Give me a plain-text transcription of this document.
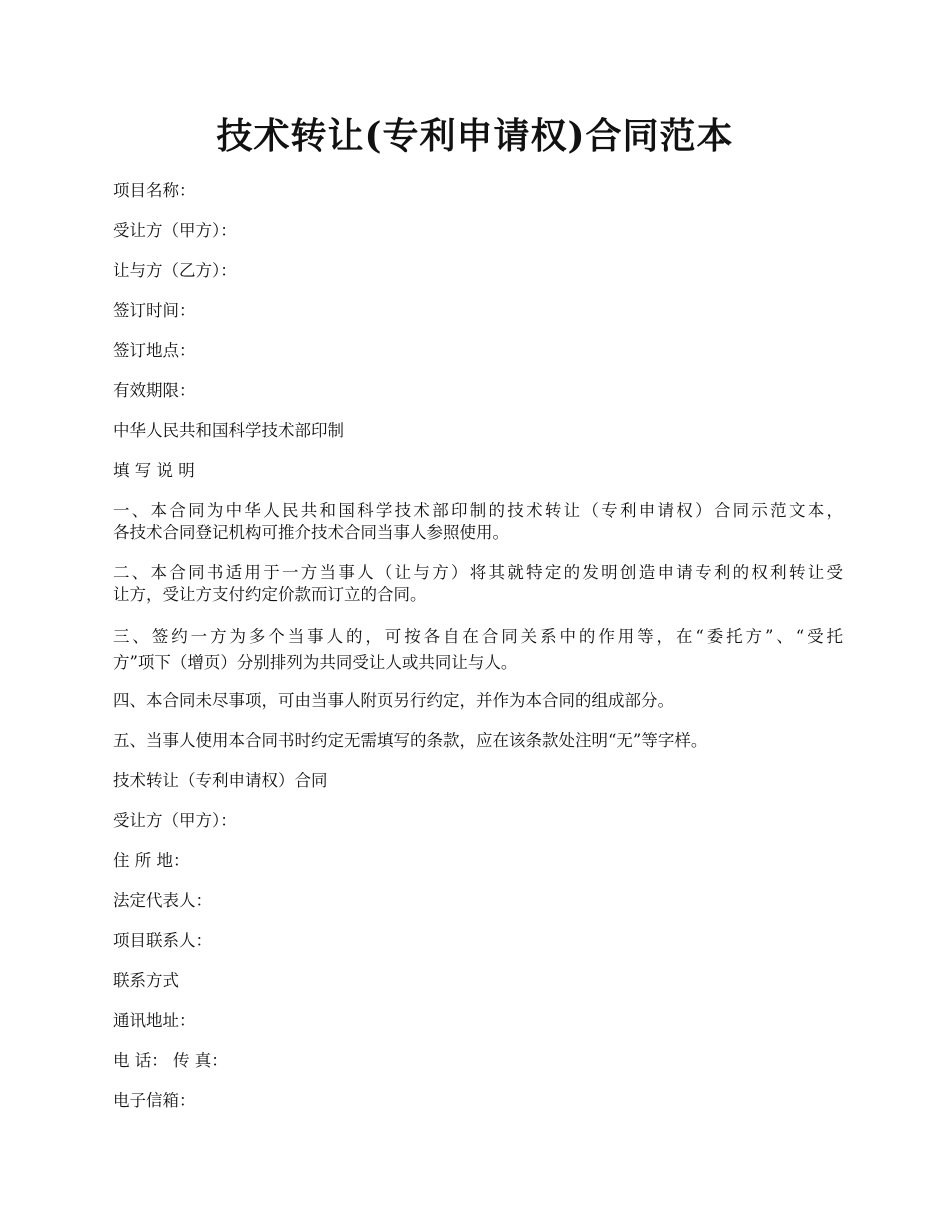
技术转让(专利申请权)合同范本
项目名称：
受让方（甲方）：
让与方（乙方）：
签订时间：
签订地点：
有效期限：
中华人民共和国科学技术部印制
填 写 说 明
一、本合同为中华人民共和国科学技术部印制的技术转让（专利申请权）合同示范文本，
各技术合同登记机构可推介技术合同当事人参照使用。
二、本合同书适用于一方当事人（让与方）将其就特定的发明创造申请专利的权利转让受
让方，受让方支付约定价款而订立的合同。
三、签约一方为多个当事人的，可按各自在合同关系中的作用等，在“委托方”、“受托
方”项下（增页）分别排列为共同受让人或共同让与人。
四、本合同未尽事项，可由当事人附页另行约定，并作为本合同的组成部分。
五、当事人使用本合同书时约定无需填写的条款，应在该条款处注明“无”等字样。
技术转让（专利申请权）合同
受让方（甲方）：
住 所 地：
法定代表人：
项目联系人：
联系方式
通讯地址：
电 话： 传 真：
电子信箱：
